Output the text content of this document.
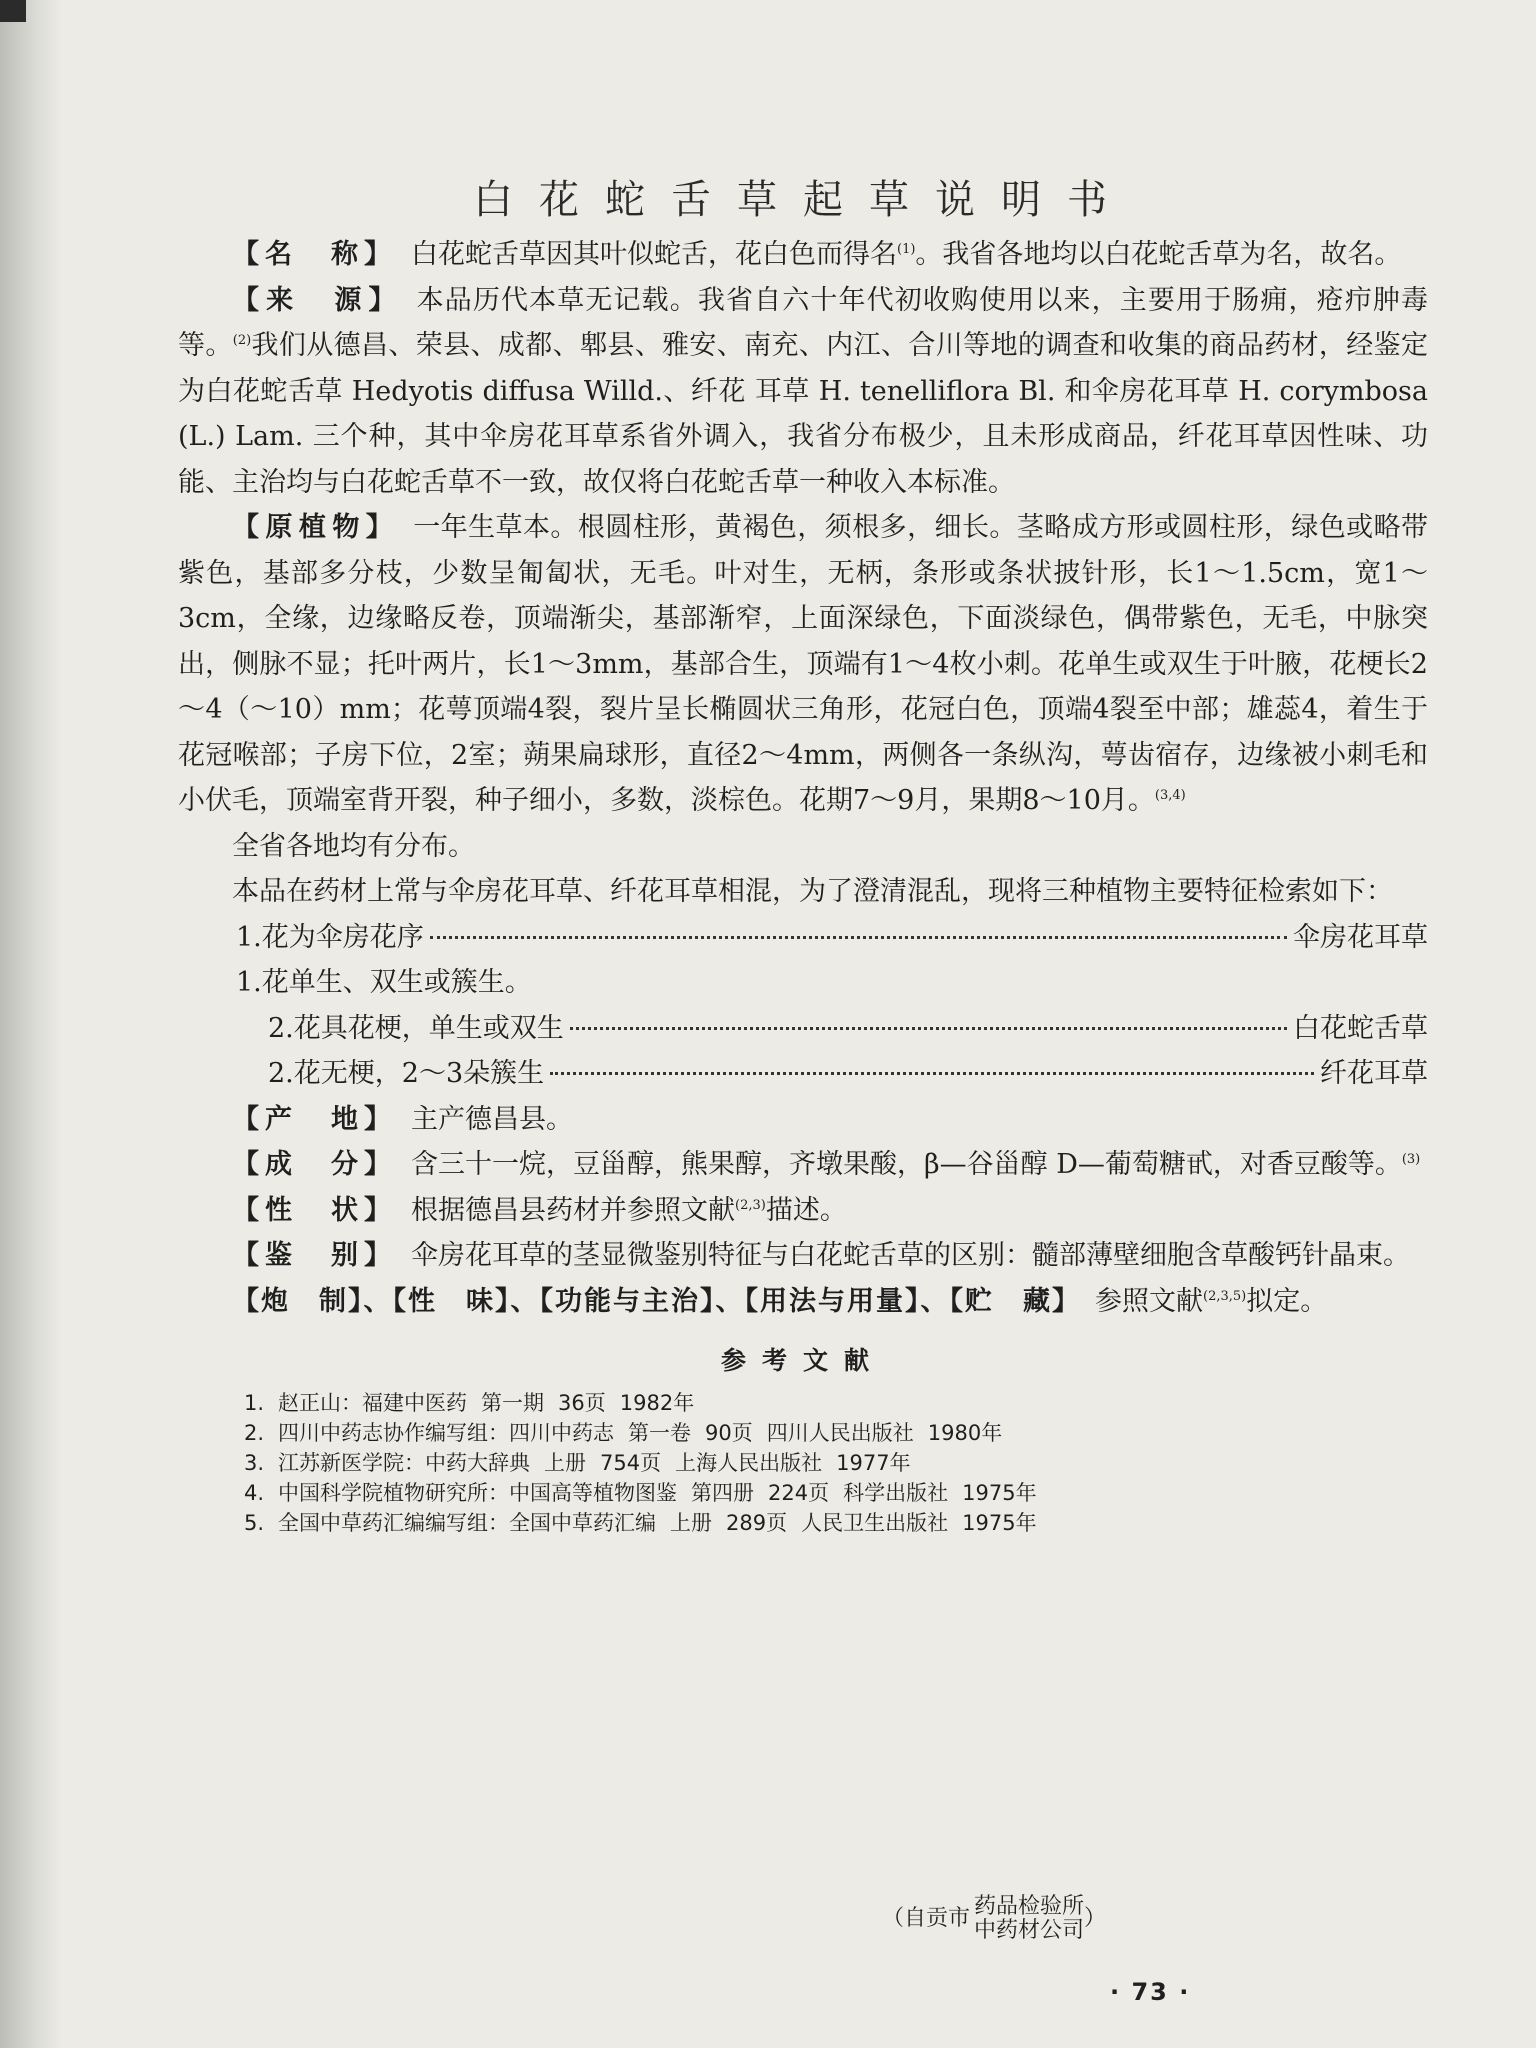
白花蛇舌草起草说明书

【名　称】 白花蛇舌草因其叶似蛇舌，花白色而得名$^{(1)}$。我省各地均以白花蛇舌草为名，故名。

【来　源】 本品历代本草无记载。我省自六十年代初收购使用以来，主要用于肠痈，疮疖肿毒等。$^{(2)}$我们从德昌、荣县、成都、郫县、雅安、南充、内江、合川等地的调查和收集的商品药材，经鉴定为白花蛇舌草 Hedyotis diffusa Willd.、纤花 耳草 H. tenelliflora Bl. 和伞房花耳草 H. corymbosa (L.) Lam. 三个种，其中伞房花耳草系省外调入，我省分布极少，且未形成商品，纤花耳草因性味、功能、主治均与白花蛇舌草不一致，故仅将白花蛇舌草一种收入本标准。

【原植物】 一年生草本。根圆柱形，黄褐色，须根多，细长。茎略成方形或圆柱形，绿色或略带紫色，基部多分枝，少数呈匍匐状，无毛。叶对生，无柄，条形或条状披针形，长1～1.5cm，宽1～3cm，全缘，边缘略反卷，顶端渐尖，基部渐窄，上面深绿色，下面淡绿色，偶带紫色，无毛，中脉突出，侧脉不显；托叶两片，长1～3mm，基部合生，顶端有1～4枚小刺。花单生或双生于叶腋，花梗长2～4（～10）mm；花萼顶端4裂，裂片呈长椭圆状三角形，花冠白色，顶端4裂至中部；雄蕊4，着生于花冠喉部；子房下位，2室；蒴果扁球形，直径2～4mm，两侧各一条纵沟，萼齿宿存，边缘被小刺毛和小伏毛，顶端室背开裂，种子细小，多数，淡棕色。花期7～9月，果期8～10月。$^{(3,4)}$

全省各地均有分布。

本品在药材上常与伞房花耳草、纤花耳草相混，为了澄清混乱，现将三种植物主要特征检索如下：

1.花为伞房花序	伞房花耳草
1.花单生、双生或簇生。
2.花具花梗，单生或双生	白花蛇舌草
2.花无梗，2～3朵簇生	纤花耳草

【产　地】 主产德昌县。

【成　分】 含三十一烷，豆甾醇，熊果醇，齐墩果酸，β—谷甾醇 D—葡萄糖甙，对香豆酸等。$^{(3)}$

【性　状】 根据德昌县药材并参照文献$^{(2,3)}$描述。

【鉴　别】 伞房花耳草的茎显微鉴别特征与白花蛇舌草的区别：髓部薄壁细胞含草酸钙针晶束。

【炮　制】、【性　味】、【功能与主治】、【用法与用量】、【贮　藏】 参照文献$^{(2,3,5)}$拟定。

参考文献
1. 赵正山：福建中医药 第一期 36页 1982年
2. 四川中药志协作编写组：四川中药志 第一卷 90页 四川人民出版社 1980年
3. 江苏新医学院：中药大辞典 上册 754页 上海人民出版社 1977年
4. 中国科学院植物研究所：中国高等植物图鉴 第四册 224页 科学出版社 1975年
5. 全国中草药汇编编写组：全国中草药汇编 上册 289页 人民卫生出版社 1975年
（自贡市 药品检验所
中药材公司 ）
· 73 ·
